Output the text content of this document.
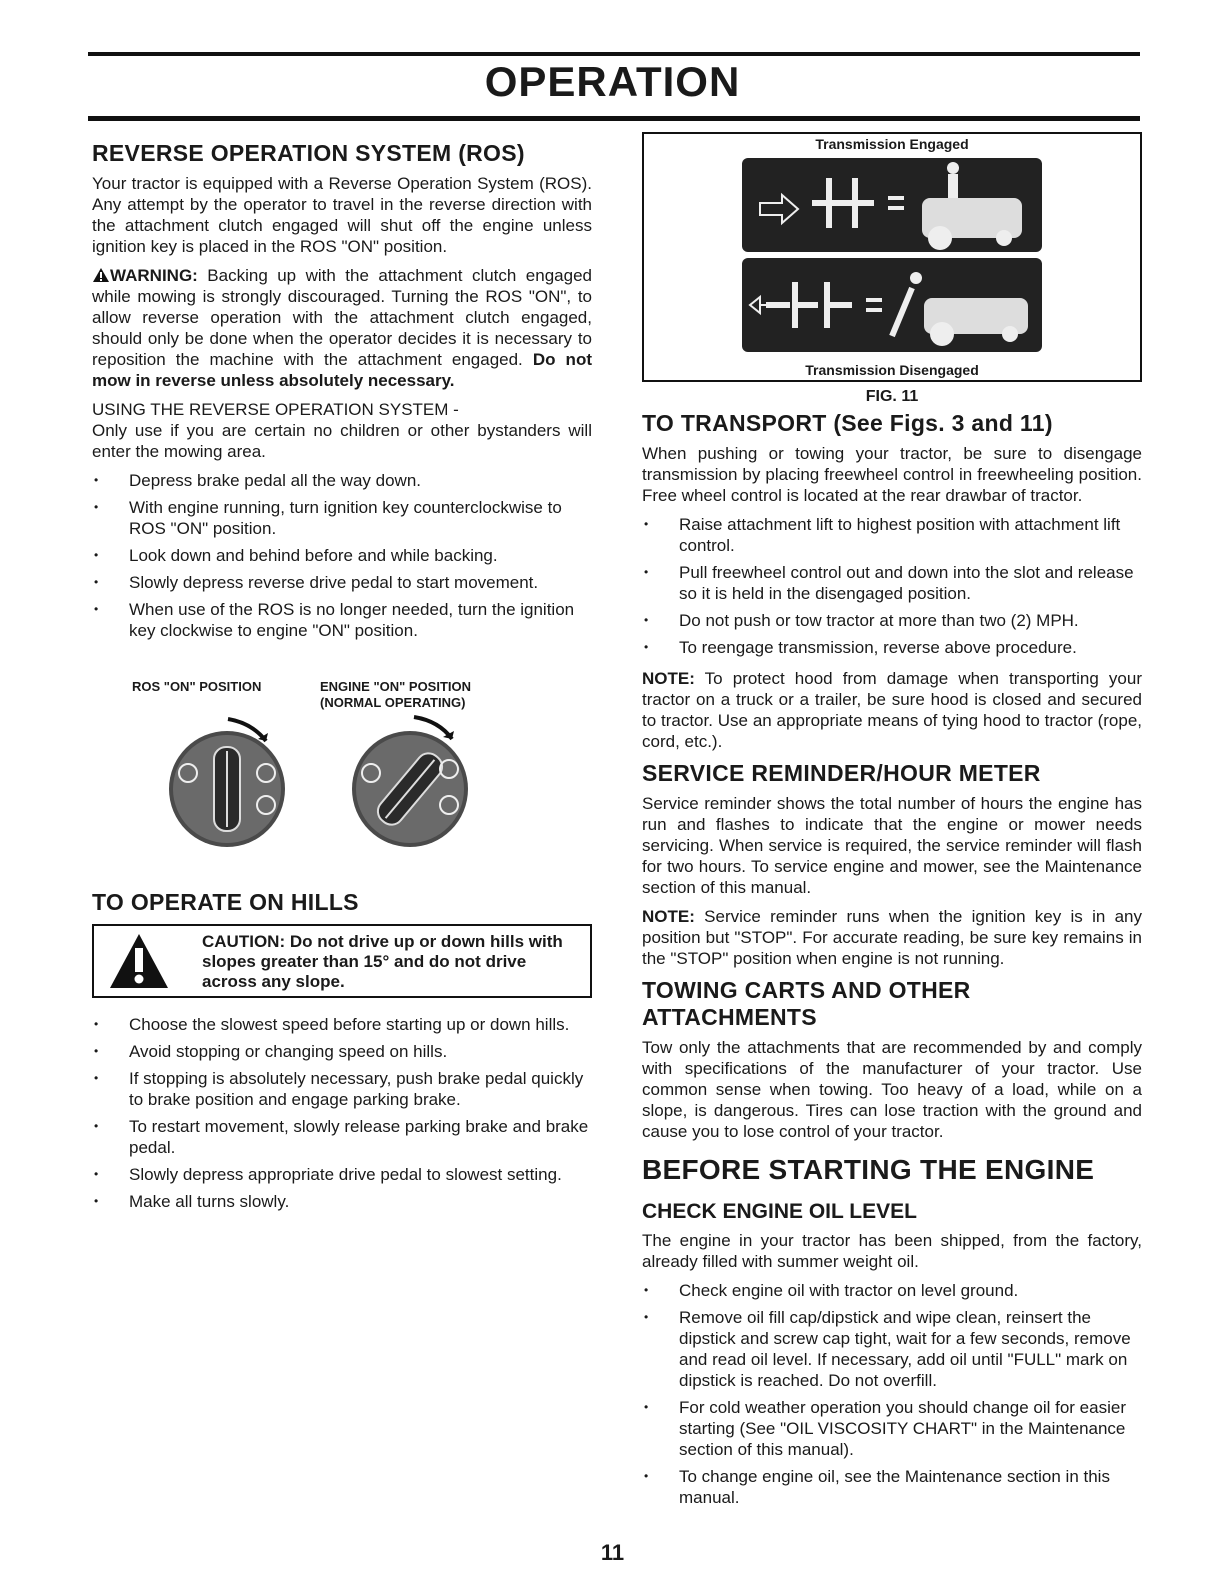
OPERATION
REVERSE OPERATION SYSTEM (ROS)

Your tractor is equipped with a Reverse Operation System (ROS). Any attempt by the operator to travel in the reverse direction with the attachment clutch engaged will shut off the engine unless ignition key is placed in the ROS "ON" position.

WARNING: Backing up with the attachment clutch engaged while mowing is strongly discouraged. Turning the ROS "ON", to allow reverse operation with the attachment clutch engaged, should only be done when the operator decides it is necessary to reposition the machine with the attachment engaged. Do not mow in reverse unless absolutely necessary.

USING THE REVERSE OPERATION SYSTEM -

Only use if you are certain no children or other bystanders will enter the mowing area.

• Depress brake pedal all the way down.
• With engine running, turn ignition key counterclockwise to ROS "ON" position.
• Look down and behind before and while backing.
• Slowly depress reverse drive pedal to start movement.
• When use of the ROS is no longer needed, turn the ignition key clockwise to engine "ON" position.
ROS "ON" POSITION	ENGINE "ON" POSITION
(NORMAL OPERATING)
TO OPERATE ON HILLS
CAUTION: Do not drive up or down hills with slopes greater than 15° and do not drive across any slope.
• Choose the slowest speed before starting up or down hills.
• Avoid stopping or changing speed on hills.
• If stopping is absolutely necessary, push brake pedal quickly to brake position and engage parking brake.
• To restart movement, slowly release parking brake and brake pedal.
• Slowly depress appropriate drive pedal to slowest setting.
• Make all turns slowly.
Transmission Engaged
Transmission Disengaged
FIG. 11
TO TRANSPORT (See Figs. 3 and 11)

When pushing or towing your tractor, be sure to disengage transmission by placing freewheel control in freewheeling position. Free wheel control is located at the rear drawbar of tractor.

• Raise attachment lift to highest position with attachment lift control.
• Pull freewheel control out and down into the slot and release so it is held in the disengaged position.
• Do not push or tow tractor at more than two (2) MPH.
• To reengage transmission, reverse above procedure.

NOTE: To protect hood from damage when transporting your tractor on a truck or a trailer, be sure hood is closed and secured to tractor. Use an appropriate means of tying hood to tractor (rope, cord, etc.).

SERVICE REMINDER/HOUR METER

Service reminder shows the total number of hours the engine has run and flashes to indicate that the engine or mower needs servicing. When service is required, the service reminder will flash for two hours. To service engine and mower, see the Maintenance section of this manual.

NOTE: Service reminder runs when the ignition key is in any position but "STOP". For accurate reading, be sure key remains in the "STOP" position when engine is not running.

TOWING CARTS AND OTHER ATTACHMENTS

Tow only the attachments that are recommended by and comply with specifications of the manufacturer of your tractor. Use common sense when towing. Too heavy of a load, while on a slope, is dangerous. Tires can lose traction with the ground and cause you to lose control of your tractor.

BEFORE STARTING THE ENGINE
CHECK ENGINE OIL LEVEL

The engine in your tractor has been shipped, from the factory, already filled with summer weight oil.

• Check engine oil with tractor on level ground.
• Remove oil fill cap/dipstick and wipe clean, reinsert the dipstick and screw cap tight, wait for a few seconds, remove and read oil level. If necessary, add oil until "FULL" mark on dipstick is reached. Do not overfill.
• For cold weather operation you should change oil for easier starting (See "OIL VISCOSITY CHART" in the Maintenance section of this manual).
• To change engine oil, see the Maintenance section in this manual.
11
